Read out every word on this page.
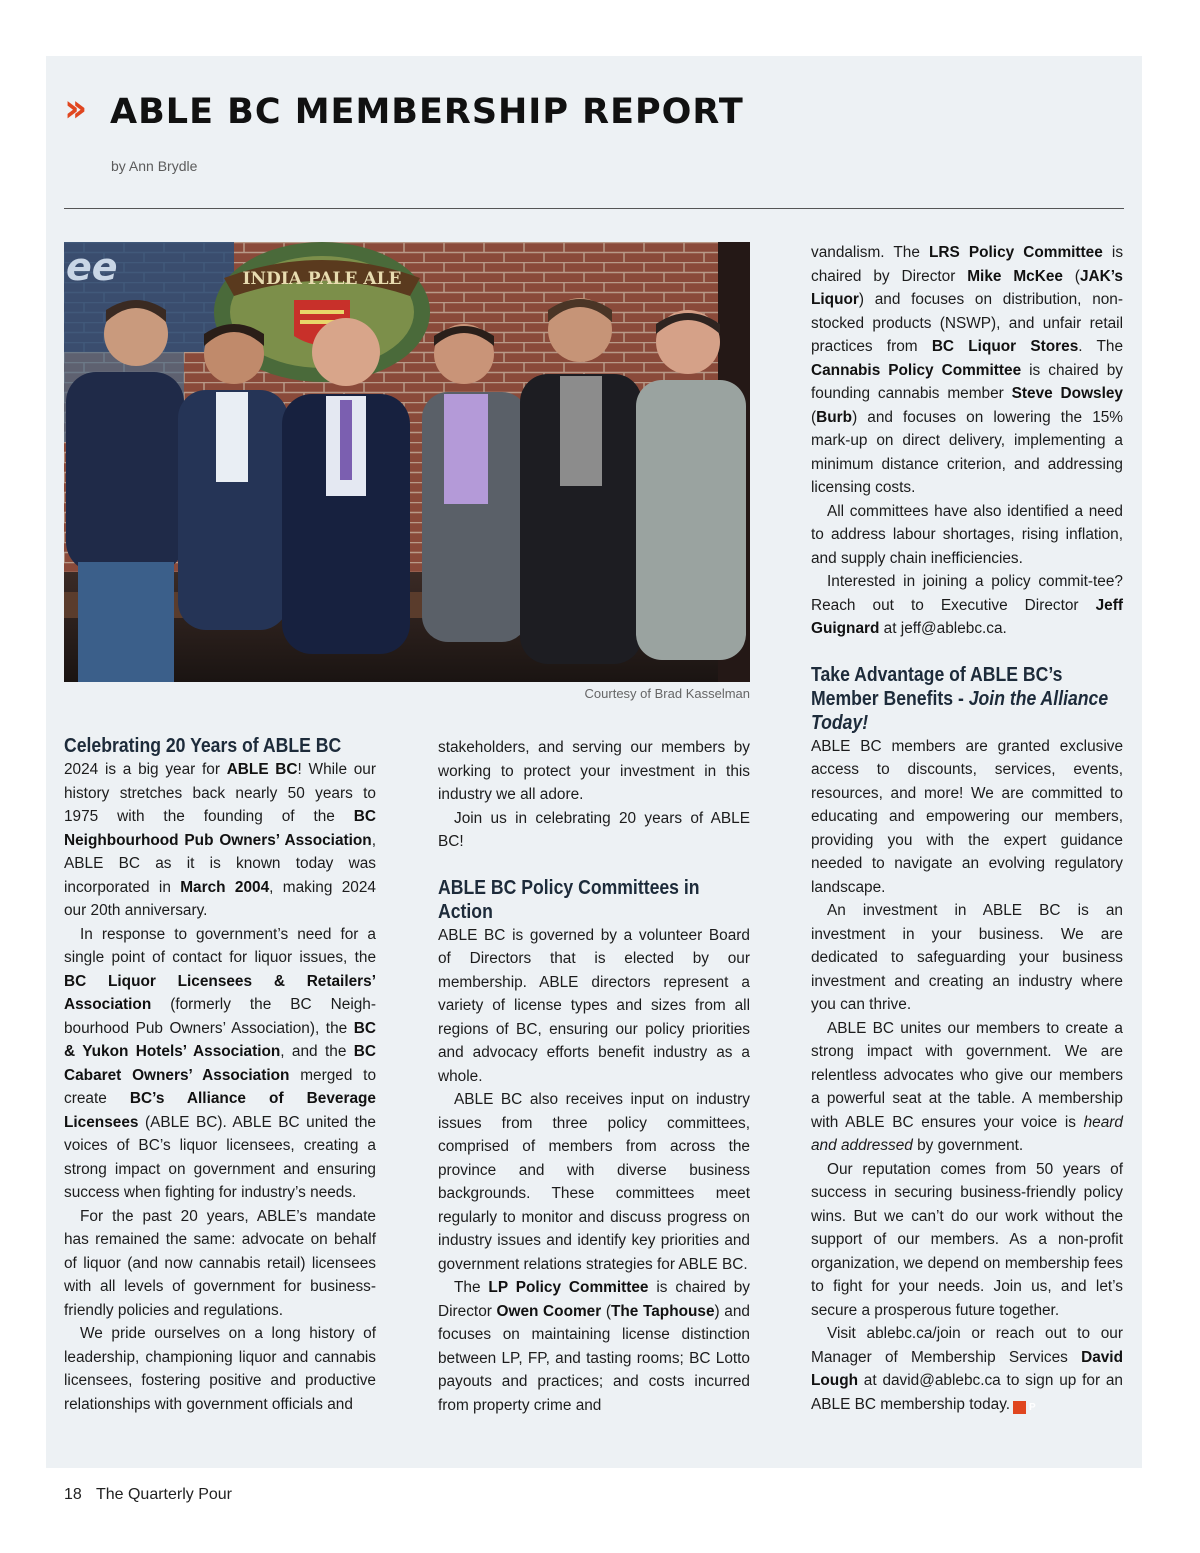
›› ABLE BC MEMBERSHIP REPORT
by Ann Brydle
ee	INDIA PALE ALE
Courtesy of Brad Kasselman
Celebrating 20 Years of ABLE BC

2024 is a big year for ABLE BC! While our history stretches back nearly 50 years to 1975 with the founding of the BC Neighbourhood Pub Owners’ Association, ABLE BC as it is known today was incorporated in March 2004, making 2024 our 20th anniversary.

In response to government’s need for a single point of contact for liquor issues, the BC Liquor Licensees & Retailers’ Association (formerly the BC Neigh-bourhood Pub Owners’ Association), the BC & Yukon Hotels’ Association, and the BC Cabaret Owners’ Association merged to create BC’s Alliance of Beverage Licensees (ABLE BC). ABLE BC united the voices of BC’s liquor licensees, creating a strong impact on government and ensuring success when fighting for industry’s needs.

For the past 20 years, ABLE’s mandate has remained the same: advocate on behalf of liquor (and now cannabis retail) licensees with all levels of government for business-friendly policies and regulations.

We pride ourselves on a long history of leadership, championing liquor and cannabis licensees, fostering positive and productive relationships with government officials and

stakeholders, and serving our members by working to protect your investment in this industry we all adore.

Join us in celebrating 20 years of ABLE BC!

ABLE BC Policy Committees in Action

ABLE BC is governed by a volunteer Board of Directors that is elected by our membership. ABLE directors represent a variety of license types and sizes from all regions of BC, ensuring our policy priorities and advocacy efforts benefit industry as a whole.

ABLE BC also receives input on industry issues from three policy committees, comprised of members from across the province and with diverse business backgrounds. These committees meet regularly to monitor and discuss progress on industry issues and identify key priorities and government relations strategies for ABLE BC.

The LP Policy Committee is chaired by Director Owen Coomer (The Taphouse) and focuses on maintaining license distinction between LP, FP, and tasting rooms; BC Lotto payouts and practices; and costs incurred from property crime and

vandalism. The LRS Policy Committee is chaired by Director Mike McKee (JAK’s Liquor) and focuses on distribution, non-stocked products (NSWP), and unfair retail practices from BC Liquor Stores. The Cannabis Policy Committee is chaired by founding cannabis member Steve Dowsley (Burb) and focuses on lowering the 15% mark-up on direct delivery, implementing a minimum distance criterion, and addressing licensing costs.

All committees have also identified a need to address labour shortages, rising inflation, and supply chain inefficiencies.

Interested in joining a policy commit-tee? Reach out to Executive Director Jeff Guignard at jeff@ablebc.ca.

Take Advantage of ABLE BC’s Member Benefits - Join the Alliance Today!

ABLE BC members are granted exclusive access to discounts, services, events, resources, and more! We are committed to educating and empowering our members, providing you with the expert guidance needed to navigate an evolving regulatory landscape.

An investment in ABLE BC is an investment in your business. We are dedicated to safeguarding your business investment and creating an industry where you can thrive.

ABLE BC unites our members to create a strong impact with government. We are relentless advocates who give our members a powerful seat at the table. A membership with ABLE BC ensures your voice is heard and addressed by government.

Our reputation comes from 50 years of success in securing business-friendly policy wins. But we can’t do our work without the support of our members. As a non-profit organization, we depend on membership fees to fight for your needs. Join us, and let’s secure a prosperous future together.

Visit ablebc.ca/join or reach out to our Manager of Membership Services David Lough at david@ablebc.ca to sign up for an ABLE BC membership today. P

18 The Quarterly Pour
